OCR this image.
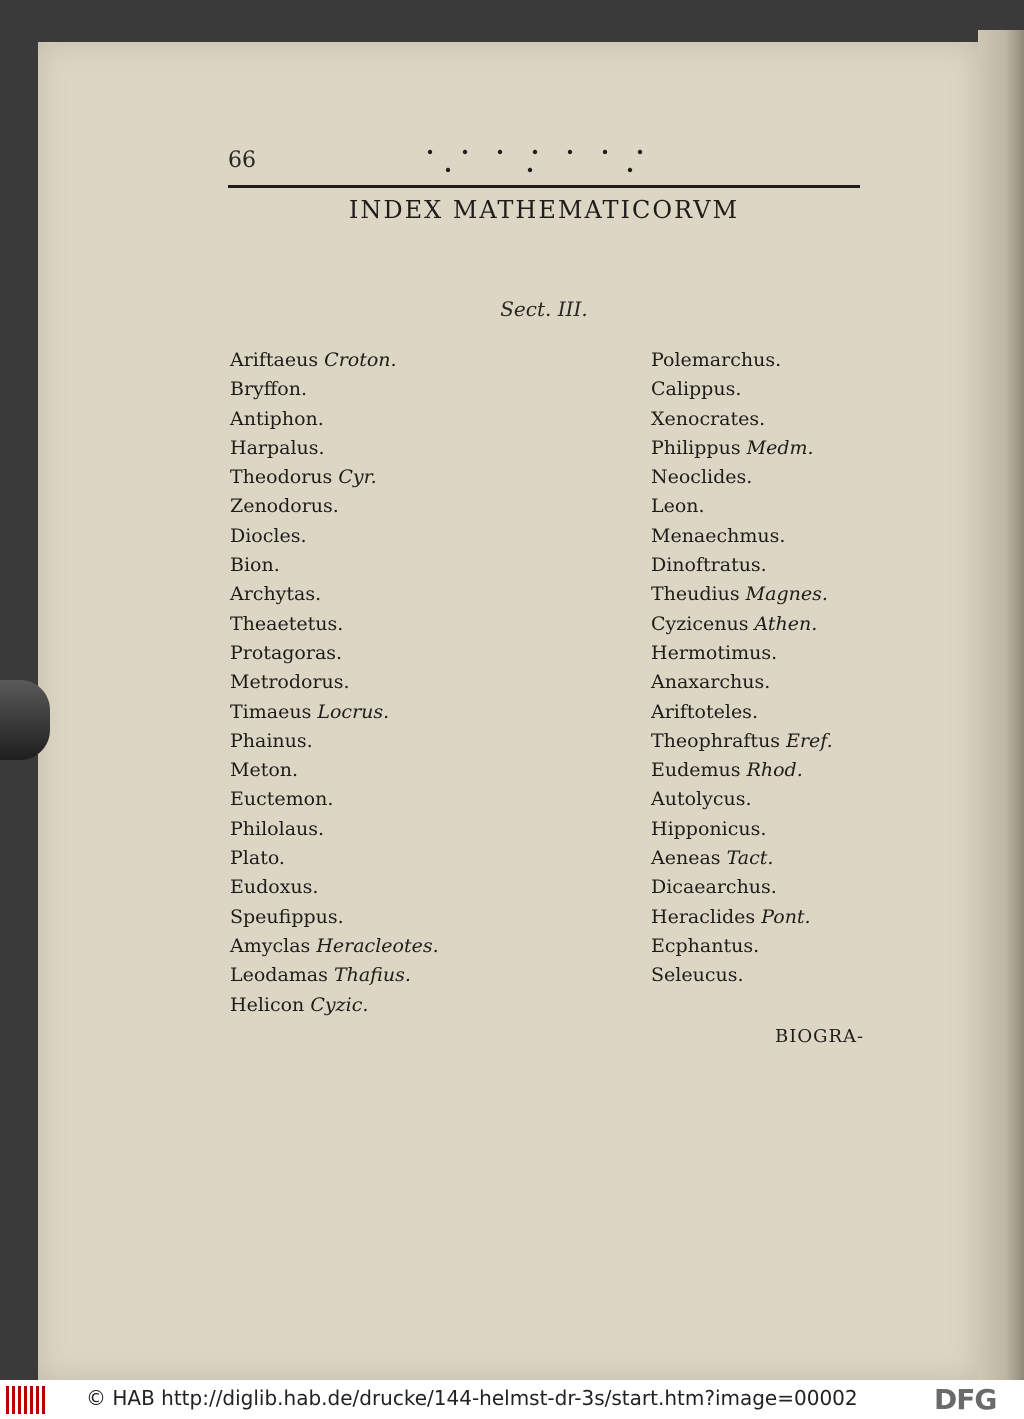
66
INDEX MATHEMATICORVM
Sect. III.
Ariftaeus Croton.
Bryffon.
Antiphon.
Harpalus.
Theodorus Cyr.
Zenodorus.
Diocles.
Bion.
Archytas.
Theaetetus.
Protagoras.
Metrodorus.
Timaeus Locrus.
Phainus.
Meton.
Euctemon.
Philolaus.
Plato.
Eudoxus.
Speufippus.
Amyclas Heracleotes.
Leodamas Thafius.
Helicon Cyzic.
Polemarchus.
Calippus.
Xenocrates.
Philippus Medm.
Neoclides.
Leon.
Menaechmus.
Dinoftratus.
Theudius Magnes.
Cyzicenus Athen.
Hermotimus.
Anaxarchus.
Ariftoteles.
Theophraftus Eref.
Eudemus Rhod.
Autolycus.
Hipponicus.
Aeneas Tact.
Dicaearchus.
Heraclides Pont.
Ecphantus.
Seleucus.
BIOGRA-
© HAB http://diglib.hab.de/drucke/144-helmst-dr-3s/start.htm?image=00002	DFG
